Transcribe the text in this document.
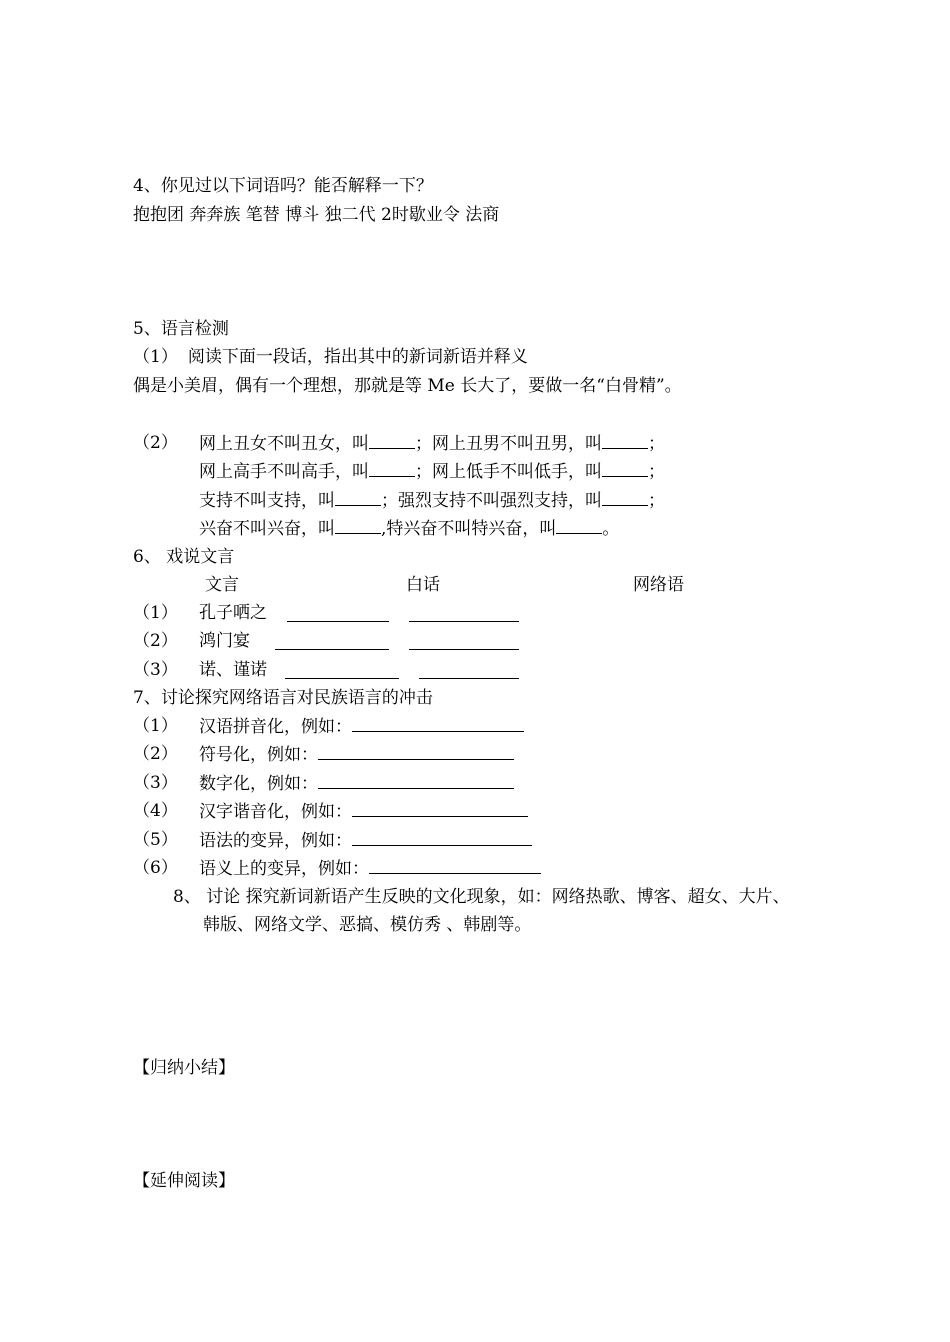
4、你见过以下词语吗？能否解释一下？
抱抱团 奔奔族 笔替 博斗 独二代 2时歇业令 法商
5、语言检测
（1） 阅读下面一段话，指出其中的新词新语并释义
偶是小美眉，偶有一个理想，那就是等 Me 长大了，要做一名“白骨精”。
（2） 网上丑女不叫丑女，叫	；网上丑男不叫丑男，叫	；
网上高手不叫高手，叫	；网上低手不叫低手，叫	；
支持不叫支持，叫	；强烈支持不叫强烈支持，叫	；
兴奋不叫兴奋，叫	,特兴奋不叫特兴奋，叫	。
6、 戏说文言
文言	白话	网络语
（1） 孔子哂之
（2） 鸿门宴
（3） 诺、谨诺
7、讨论探究网络语言对民族语言的冲击
（1） 汉语拼音化，例如：
（2） 符号化，例如：
（3） 数字化，例如：
（4） 汉字谐音化，例如：
（5） 语法的变异，例如：
（6） 语义上的变异，例如：
8、 讨论 探究新词新语产生反映的文化现象，如：网络热歌、博客、超女、大片、
韩版、网络文学、恶搞、模仿秀 、韩剧等。
【归纳小结】
【延伸阅读】
